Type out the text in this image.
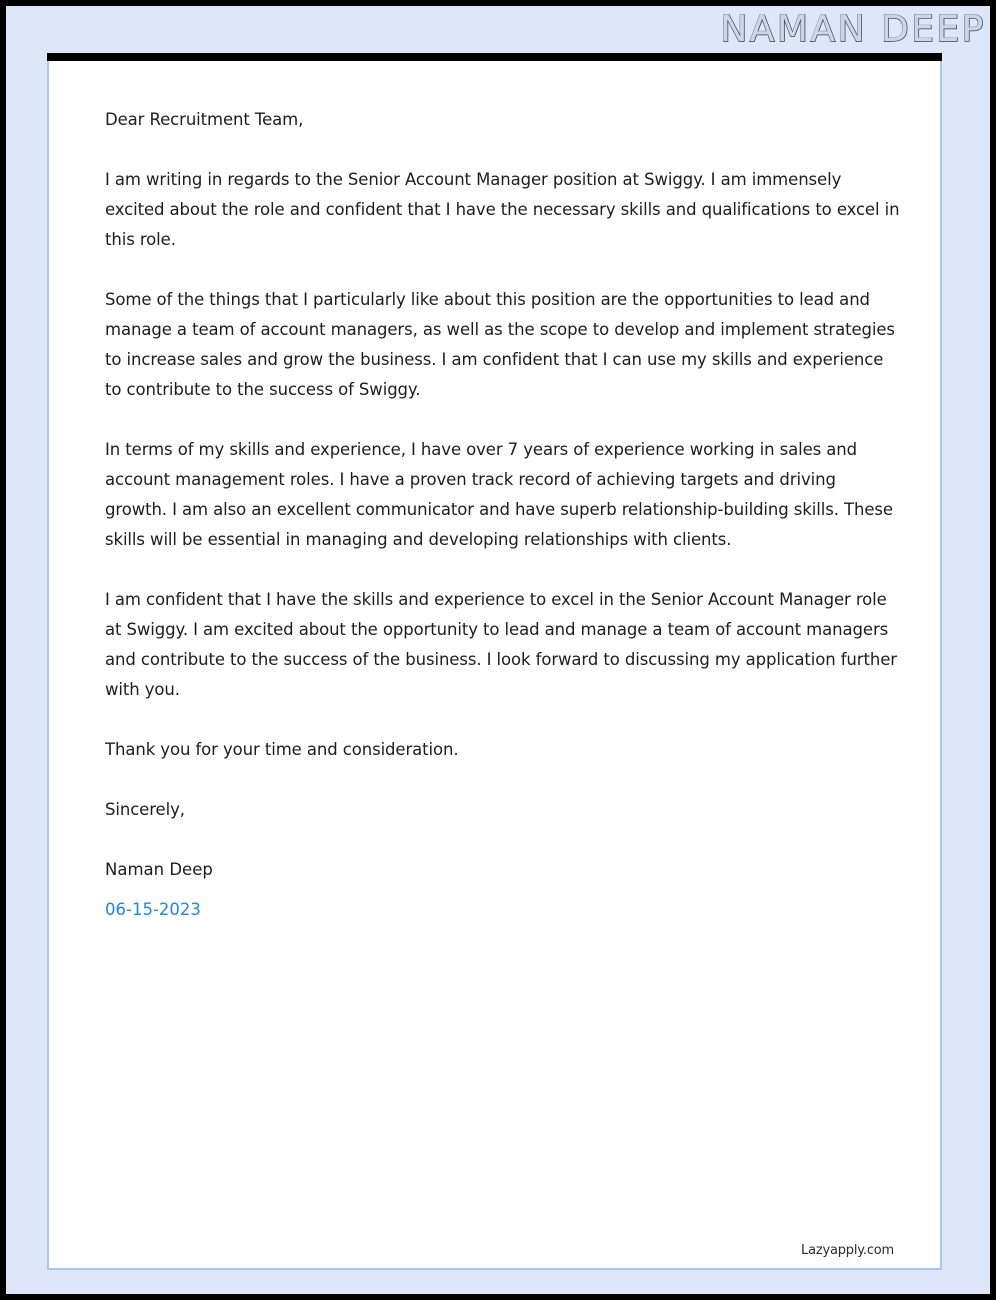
NAMAN DEEP

Dear Recruitment Team,

I am writing in regards to the Senior Account Manager position at Swiggy. I am immensely excited about the role and confident that I have the necessary skills and qualifications to excel in this role.

Some of the things that I particularly like about this position are the opportunities to lead and manage a team of account managers, as well as the scope to develop and implement strategies to increase sales and grow the business. I am confident that I can use my skills and experience to contribute to the success of Swiggy.

In terms of my skills and experience, I have over 7 years of experience working in sales and account management roles. I have a proven track record of achieving targets and driving growth. I am also an excellent communicator and have superb relationship-building skills. These skills will be essential in managing and developing relationships with clients.

I am confident that I have the skills and experience to excel in the Senior Account Manager role at Swiggy. I am excited about the opportunity to lead and manage a team of account managers and contribute to the success of the business. I look forward to discussing my application further with you.

Thank you for your time and consideration.

Sincerely,

Naman Deep

06-15-2023

Lazyapply.com
